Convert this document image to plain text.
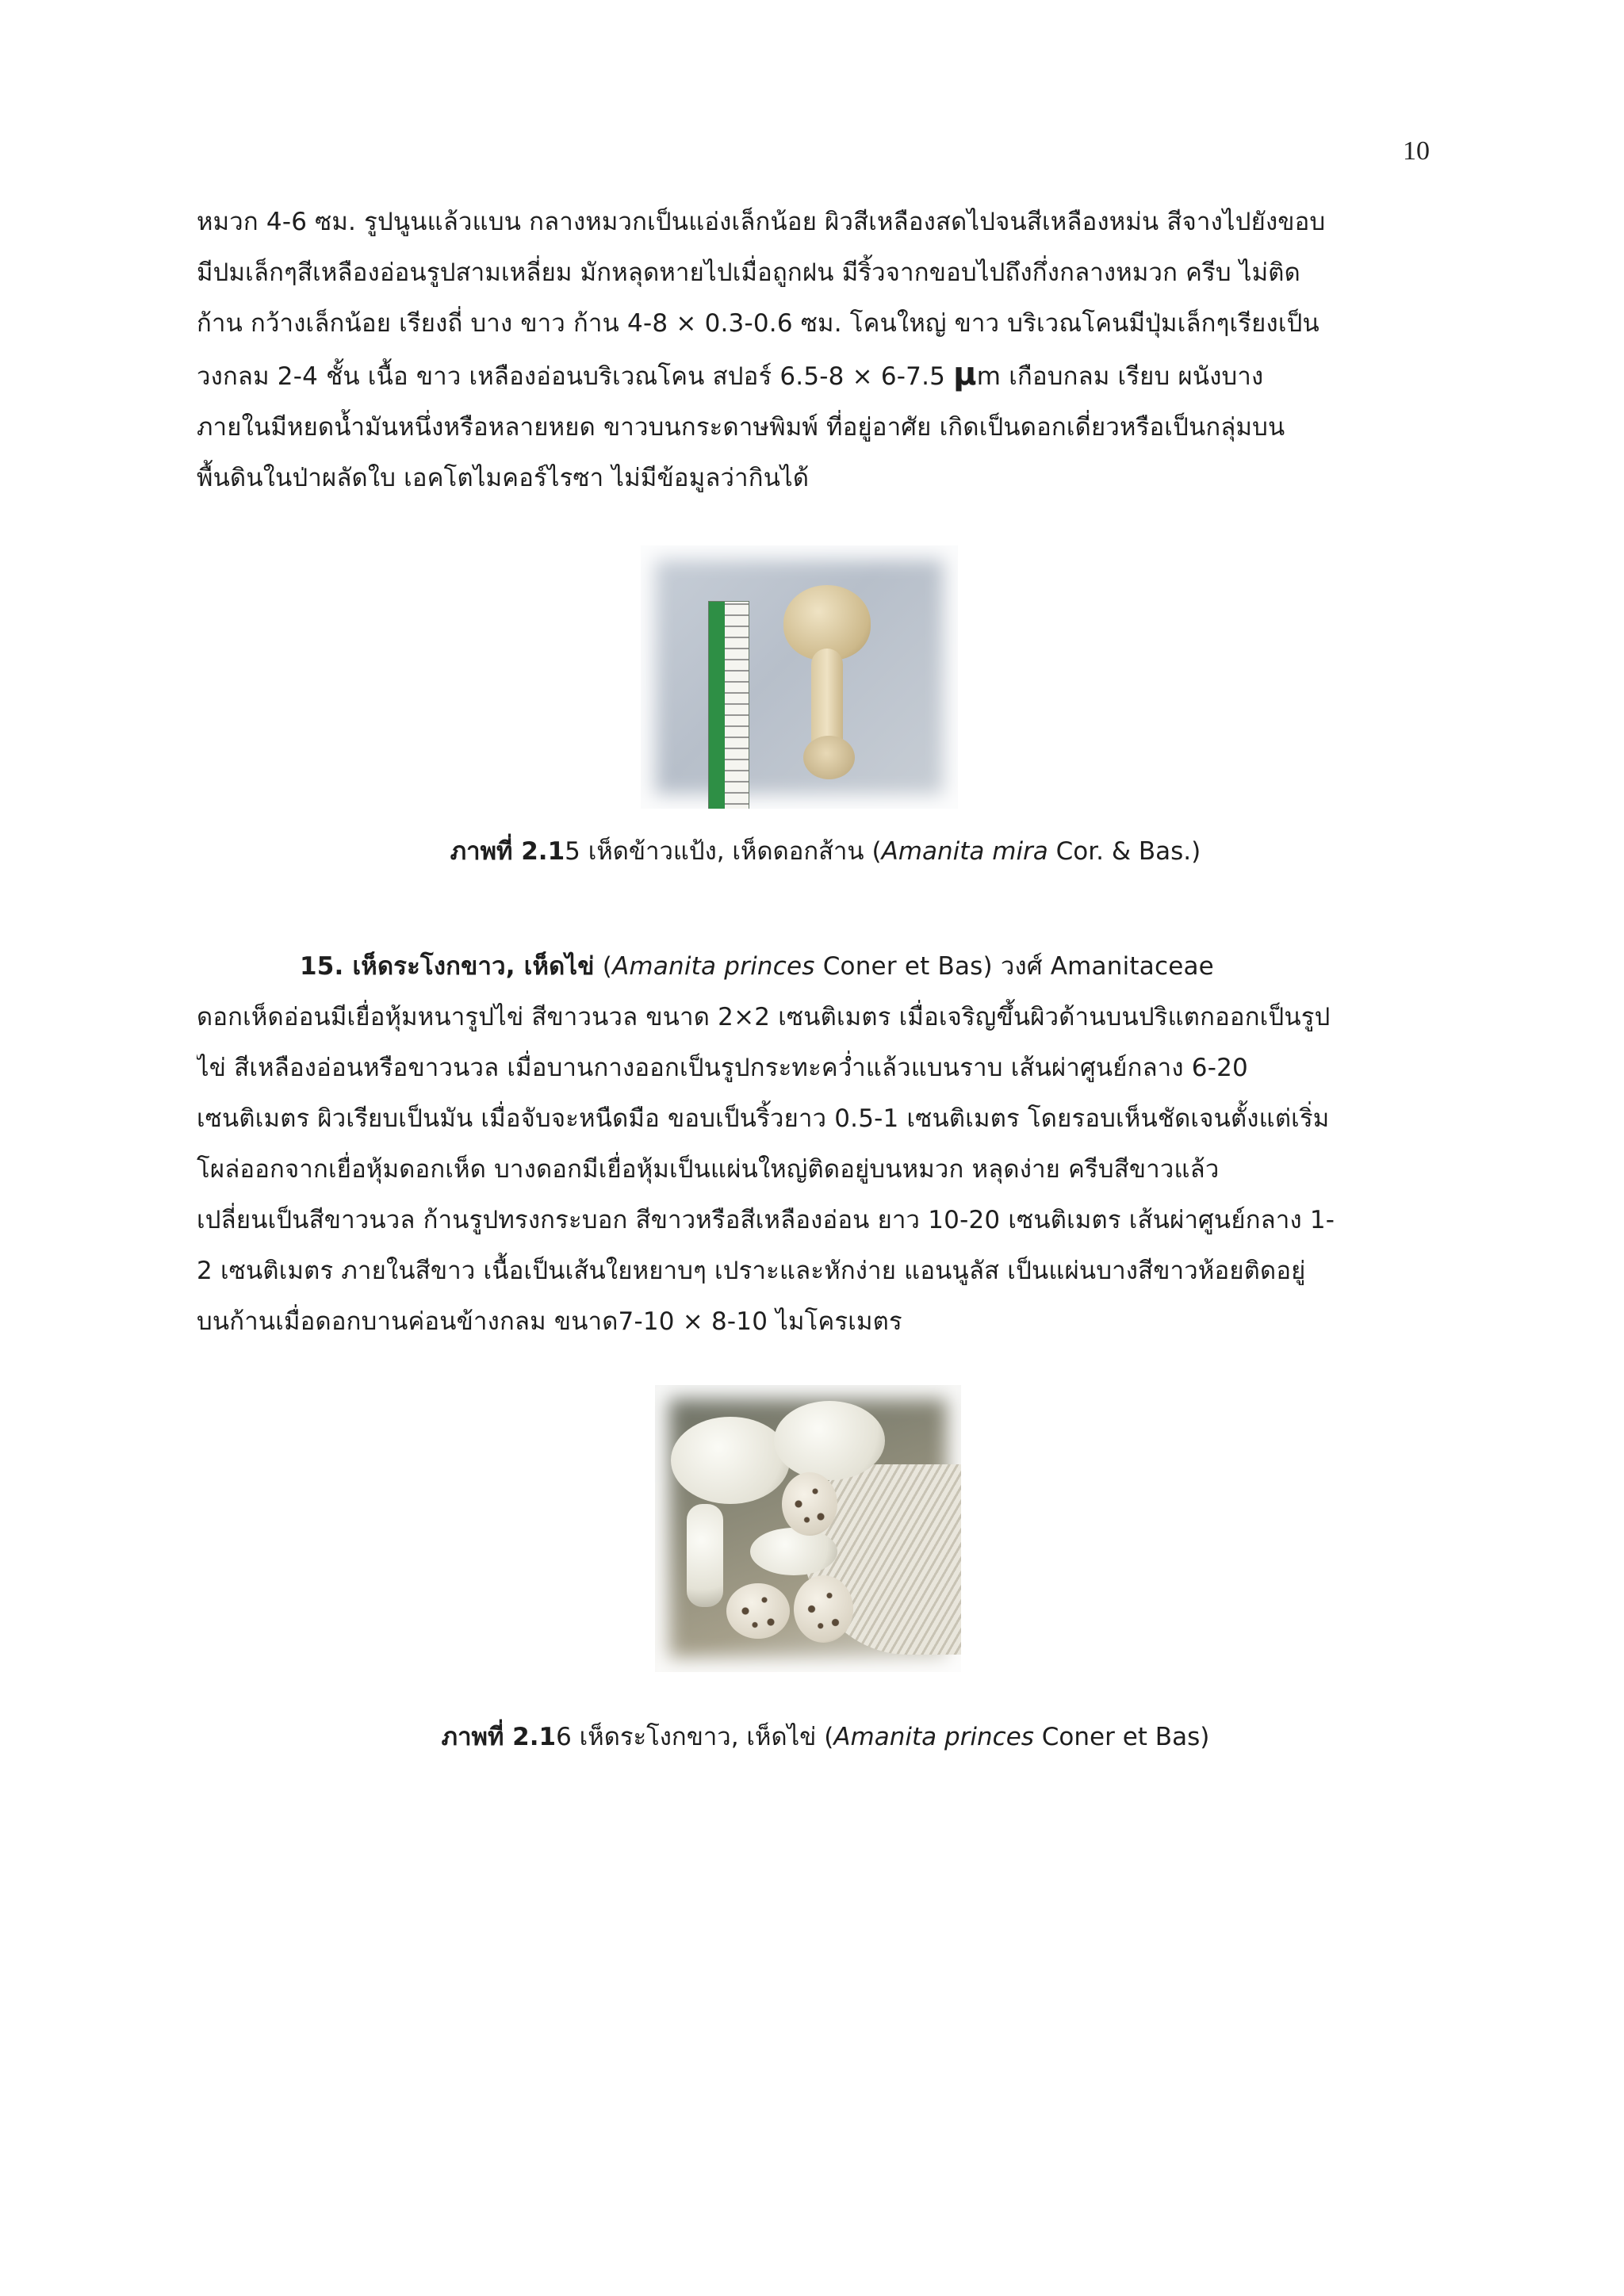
10
หมวก 4-6 ซม. รูปนูนแล้วแบน กลางหมวกเป็นแอ่งเล็กน้อย ผิวสีเหลืองสดไปจนสีเหลืองหม่น สีจางไปยังขอบ
มีปมเล็กๆสีเหลืองอ่อนรูปสามเหลี่ยม มักหลุดหายไปเมื่อถูกฝน มีริ้วจากขอบไปถึงกึ่งกลางหมวก ครีบ ไม่ติด
ก้าน กว้างเล็กน้อย เรียงถี่ บาง ขาว ก้าน 4-8 × 0.3-0.6 ซม. โคนใหญ่ ขาว บริเวณโคนมีปุ่มเล็กๆเรียงเป็น
วงกลม 2-4 ชั้น เนื้อ ขาว เหลืองอ่อนบริเวณโคน สปอร์ 6.5-8 × 6-7.5 µm เกือบกลม เรียบ ผนังบาง
ภายในมีหยดน้ำมันหนึ่งหรือหลายหยด ขาวบนกระดาษพิมพ์ ที่อยู่อาศัย เกิดเป็นดอกเดี่ยวหรือเป็นกลุ่มบน
พื้นดินในป่าผลัดใบ เอคโตไมคอร์ไรซา ไม่มีข้อมูลว่ากินได้
ภาพที่ 2.15 เห็ดข้าวแป้ง, เห็ดดอกส้าน (Amanita mira Cor. & Bas.)
15. เห็ดระโงกขาว, เห็ดไข่ (Amanita princes Coner et Bas) วงศ์ Amanitaceae
ดอกเห็ดอ่อนมีเยื่อหุ้มหนารูปไข่ สีขาวนวล ขนาด 2×2 เซนติเมตร เมื่อเจริญขึ้นผิวด้านบนปริแตกออกเป็นรูป
ไข่ สีเหลืองอ่อนหรือขาวนวล เมื่อบานกางออกเป็นรูปกระทะคว่ำแล้วแบนราบ เส้นผ่าศูนย์กลาง 6-20
เซนติเมตร ผิวเรียบเป็นมัน เมื่อจับจะหนืดมือ ขอบเป็นริ้วยาว 0.5-1 เซนติเมตร โดยรอบเห็นชัดเจนตั้งแต่เริ่ม
โผล่ออกจากเยื่อหุ้มดอกเห็ด บางดอกมีเยื่อหุ้มเป็นแผ่นใหญ่ติดอยู่บนหมวก หลุดง่าย ครีบสีขาวแล้ว
เปลี่ยนเป็นสีขาวนวล ก้านรูปทรงกระบอก สีขาวหรือสีเหลืองอ่อน ยาว 10-20 เซนติเมตร เส้นผ่าศูนย์กลาง 1-
2 เซนติเมตร ภายในสีขาว เนื้อเป็นเส้นใยหยาบๆ เปราะและหักง่าย แอนนูลัส เป็นแผ่นบางสีขาวห้อยติดอยู่
บนก้านเมื่อดอกบานค่อนข้างกลม ขนาด7-10 × 8-10 ไมโครเมตร
ภาพที่ 2.16 เห็ดระโงกขาว, เห็ดไข่ (Amanita princes Coner et Bas)
